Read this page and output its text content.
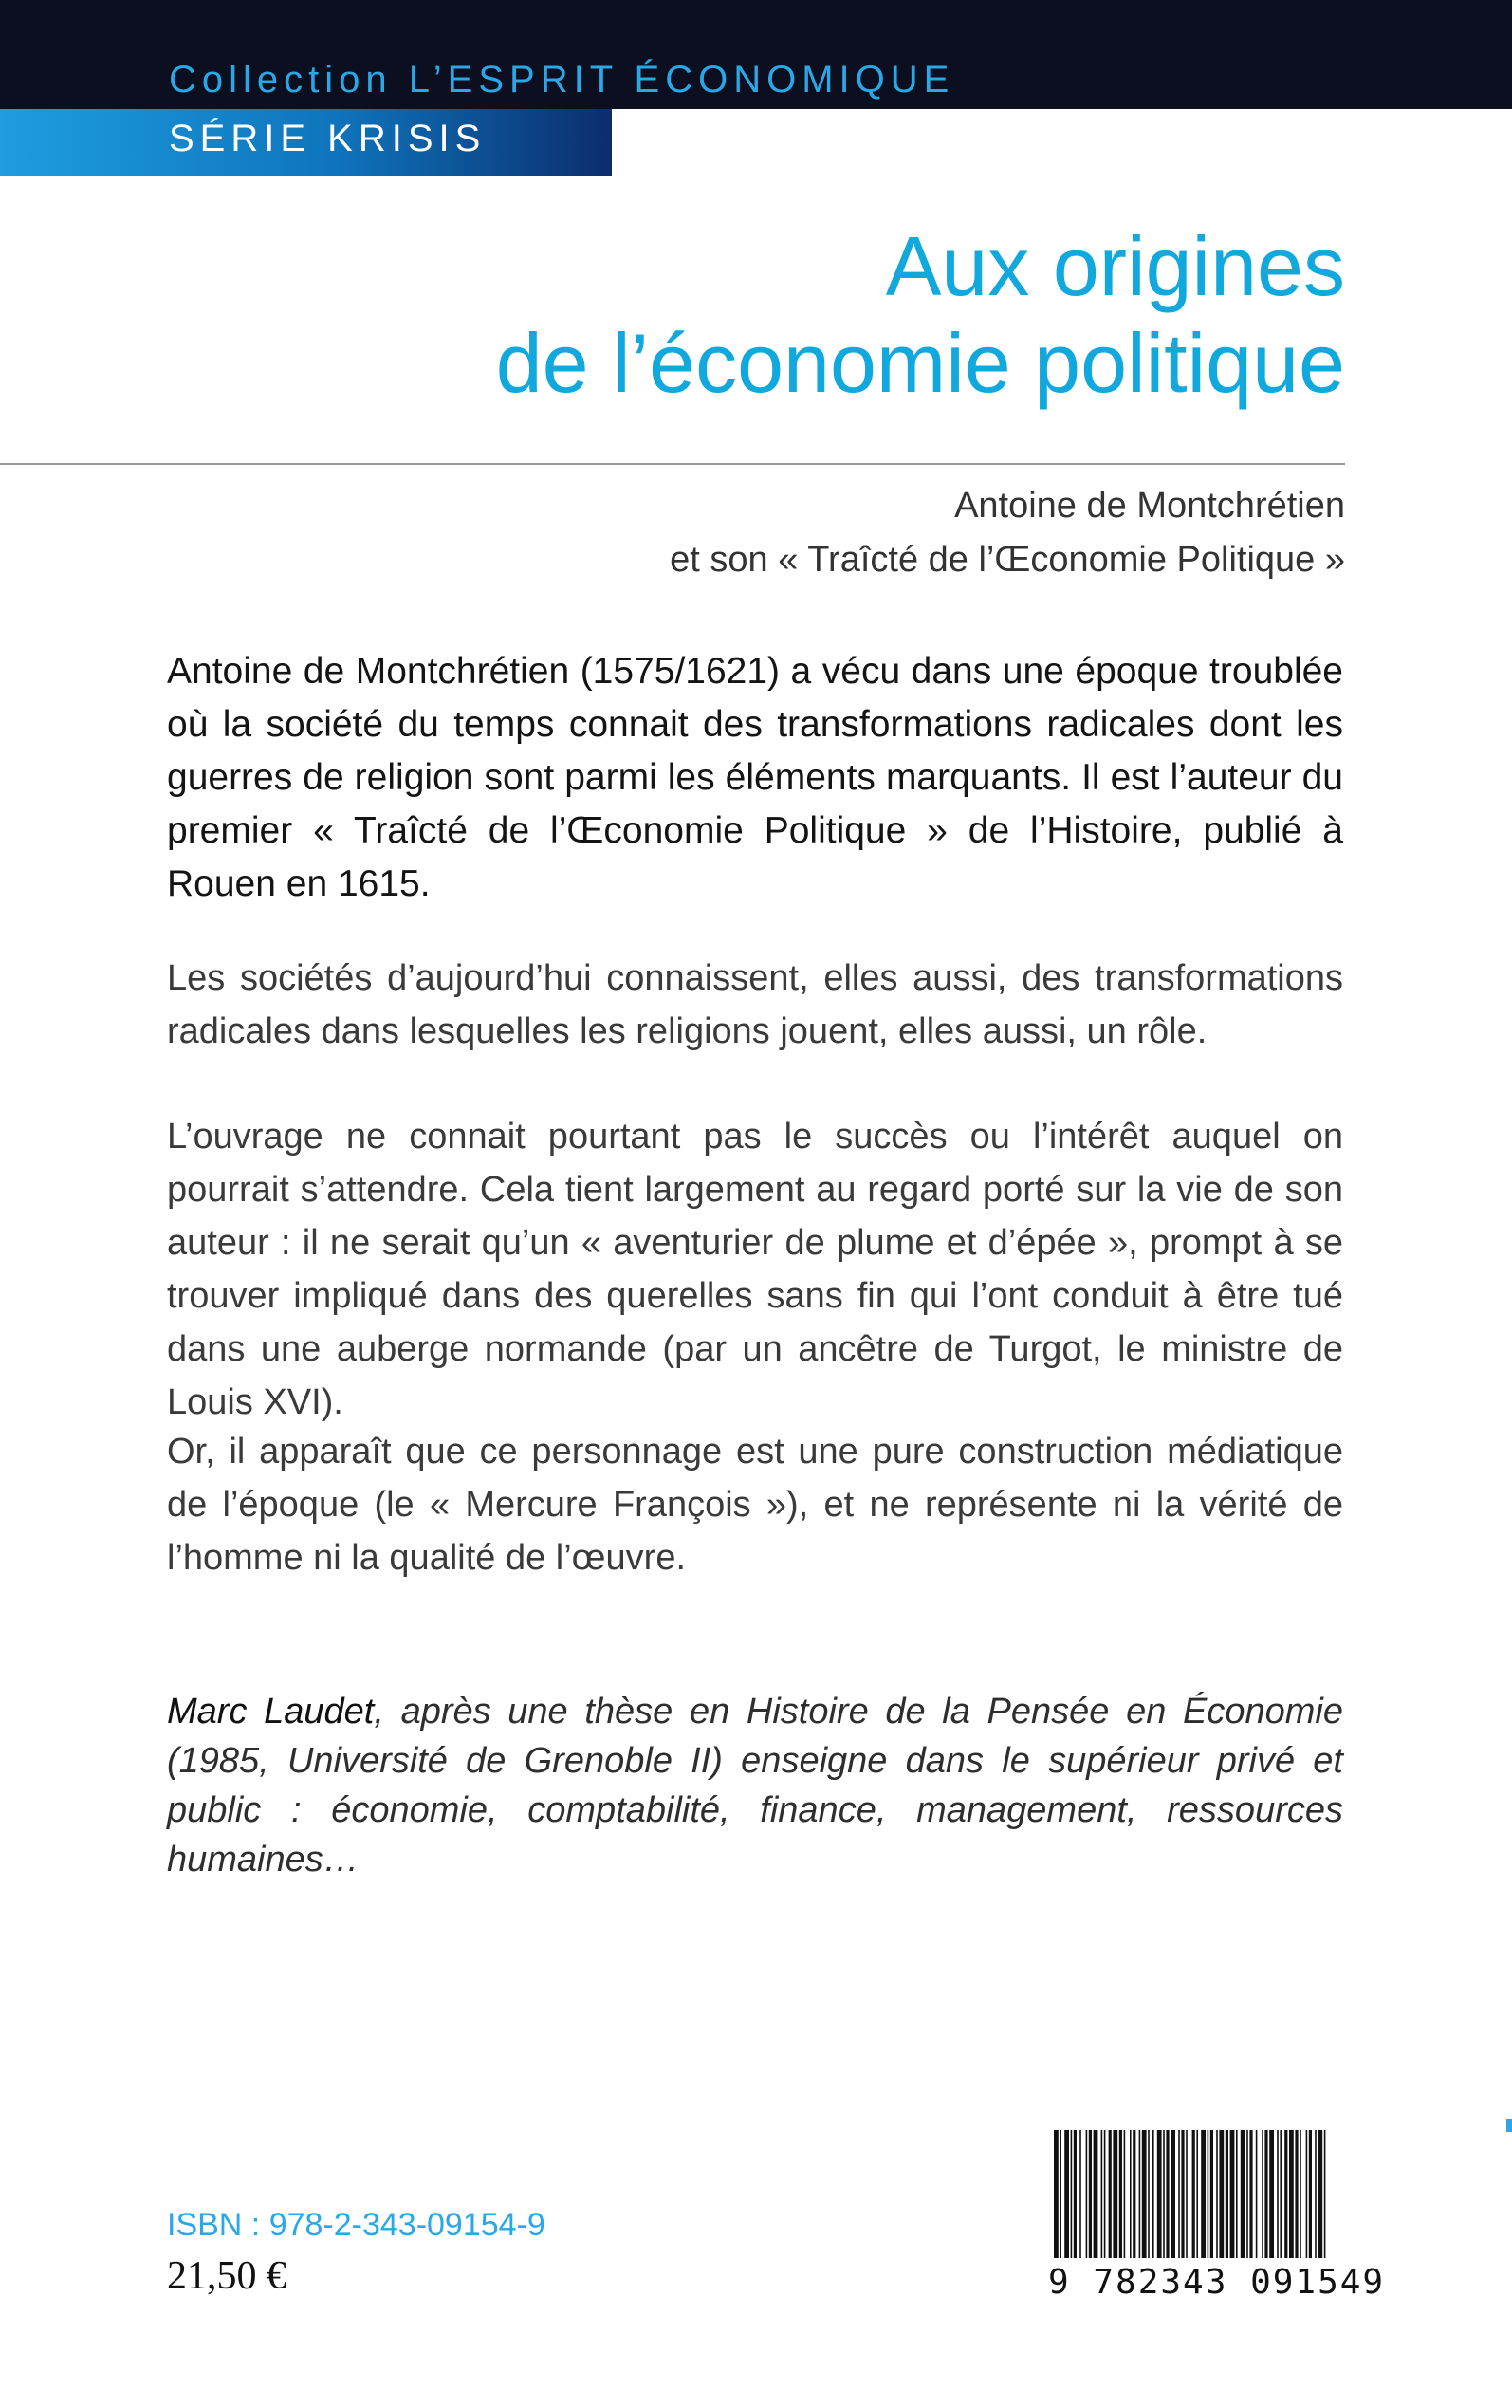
Collection L’ESPRIT ÉCONOMIQUE
SÉRIE KRISIS
Aux origines
de l’économie politique
Antoine de Montchrétien
et son « Traîcté de l’Œconomie Politique »
Antoine de Montchrétien (1575/1621) a vécu dans une époque troublée où la société du temps connait des transformations radicales dont les guerres de religion sont parmi les éléments marquants. Il est l’auteur du premier « Traîcté de l’Œconomie Politique » de l’Histoire, publié à Rouen en 1615.
Les sociétés d’aujourd’hui connaissent, elles aussi, des transformations radicales dans lesquelles les religions jouent, elles aussi, un rôle.
L’ouvrage ne connait pourtant pas le succès ou l’intérêt auquel on pourrait s’attendre. Cela tient largement au regard porté sur la vie de son auteur : il ne serait qu’un « aventurier de plume et d’épée », prompt à se trouver impliqué dans des querelles sans fin qui l’ont conduit à être tué dans une auberge normande (par un ancêtre de Turgot, le ministre de Louis XVI).
Or, il apparaît que ce personnage est une pure construction médiatique de l’époque (le « Mercure François »), et ne représente ni la vérité de l’homme ni la qualité de l’œuvre.
Marc Laudet, après une thèse en Histoire de la Pensée en Économie (1985, Université de Grenoble II) enseigne dans le supérieur privé et public : économie, comptabilité, finance, management, ressources humaines…
ISBN : 978-2-343-09154-9
21,50 €	9 782343 091549
